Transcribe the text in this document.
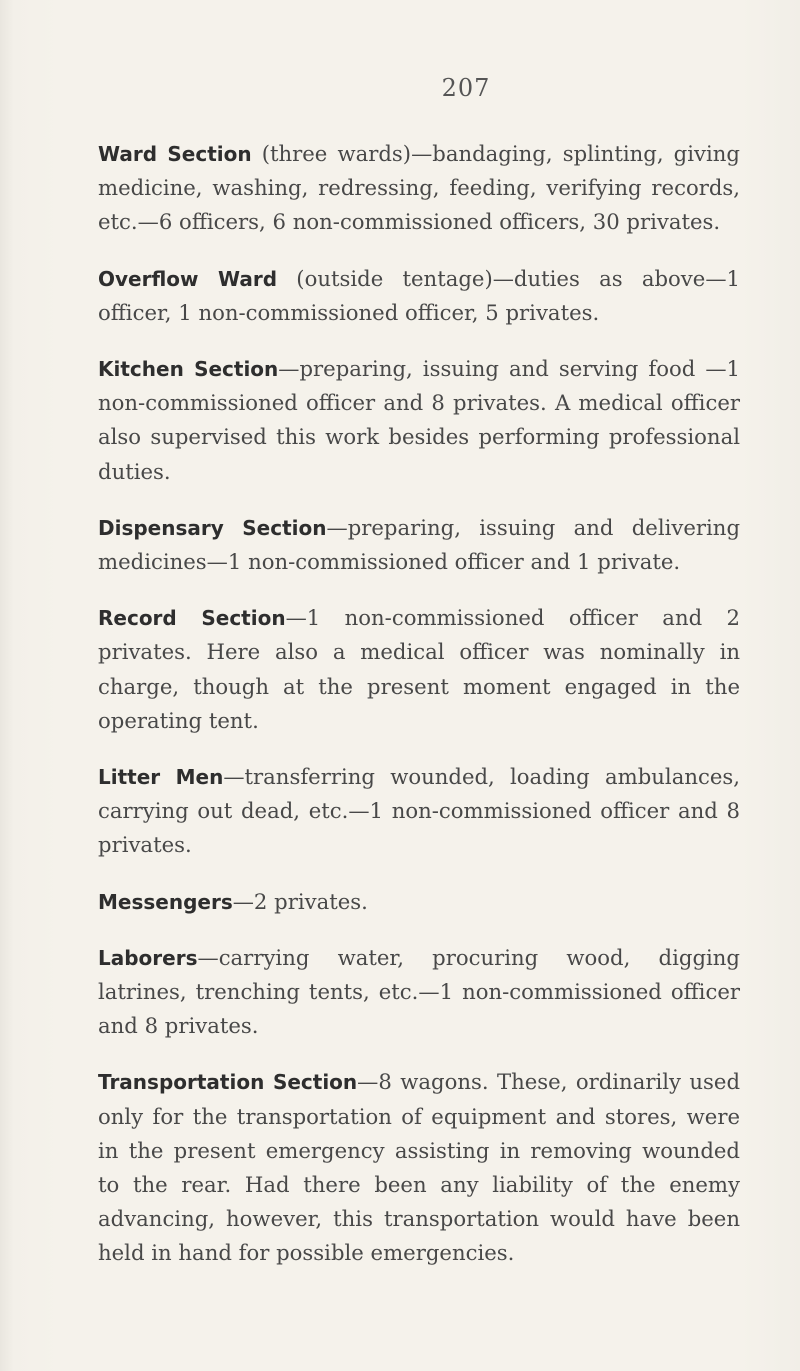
207

Ward Section (three wards)—bandaging, splinting, giving medicine, washing, redressing, feeding, verifying records, etc.—6 officers, 6 non-commissioned officers, 30 privates.

Overflow Ward (outside tentage)—duties as above—1 officer, 1 non-commissioned officer, 5 privates.

Kitchen Section—preparing, issuing and serving food —1 non-commissioned officer and 8 privates. A medical officer also supervised this work besides performing professional duties.

Dispensary Section—preparing, issuing and delivering medicines—1 non-commissioned officer and 1 private.

Record Section—1 non-commissioned officer and 2 privates. Here also a medical officer was nominally in charge, though at the present moment engaged in the operating tent.

Litter Men—transferring wounded, loading ambulances, carrying out dead, etc.—1 non-commissioned officer and 8 privates.

Messengers—2 privates.

Laborers—carrying water, procuring wood, digging latrines, trenching tents, etc.—1 non-commissioned officer and 8 privates.

Transportation Section—8 wagons. These, ordinarily used only for the transportation of equipment and stores, were in the present emergency assisting in removing wounded to the rear. Had there been any liability of the enemy advancing, however, this transportation would have been held in hand for possible emergencies.
